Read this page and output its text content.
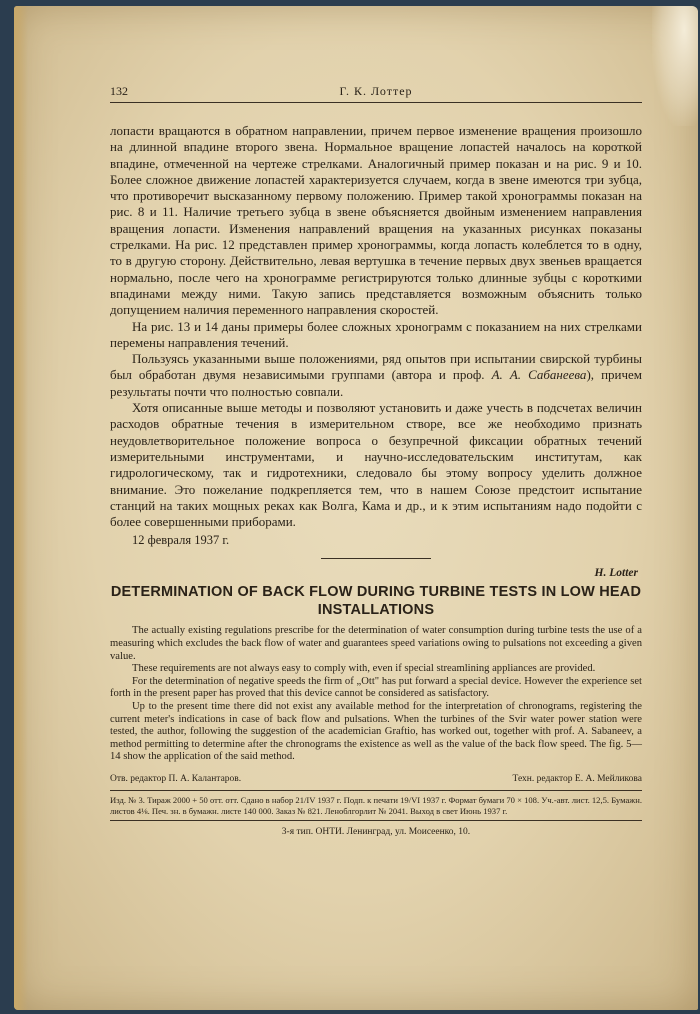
132	Г. К. Лоттер

лопасти вращаются в обратном направлении, причем первое изменение вращения произошло на длинной впадине второго звена. Нормальное вращение лопастей началось на короткой впадине, отмеченной на чертеже стрелками. Аналогичный пример показан и на рис. 9 и 10. Более сложное движение лопастей характеризуется случаем, когда в звене имеются три зубца, что противоречит высказанному первому положению. Пример такой хронограммы показан на рис. 8 и 11. Наличие третьего зубца в звене объясняется двойным изменением направления вращения лопасти. Изменения направлений вращения на указанных рисунках показаны стрелками. На рис. 12 представлен пример хронограммы, когда лопасть колеблется то в одну, то в другую сторону. Действительно, левая вертушка в течение первых двух звеньев вращается нормально, после чего на хронограмме регистрируются только длинные зубцы с короткими впадинами между ними. Такую запись представляется возможным объяснить только допущением наличия переменного направления скоростей.

На рис. 13 и 14 даны примеры более сложных хронограмм с показанием на них стрелками перемены направления течений.

Пользуясь указанными выше положениями, ряд опытов при испытании свирской турбины был обработан двумя независимыми группами (автора и проф. А. А. Сабанеева), причем результаты почти что полностью совпали.

Хотя описанные выше методы и позволяют установить и даже учесть в подсчетах величин расходов обратные течения в измерительном створе, все же необходимо признать неудовлетворительное положение вопроса о безупречной фиксации обратных течений измерительными инструментами, и научно-исследовательским институтам, как гидрологическому, так и гидротехники, следовало бы этому вопросу уделить должное внимание. Это пожелание подкрепляется тем, что в нашем Союзе предстоит испытание станций на таких мощных реках как Волга, Кама и др., и к этим испытаниям надо подойти с более совершенными приборами.

12 февраля 1937 г.
H. Lotter
DETERMINATION OF BACK FLOW DURING TURBINE TESTS IN LOW HEAD INSTALLATIONS

The actually existing regulations prescribe for the determination of water consumption during turbine tests the use of a measuring which excludes the back flow of water and guarantees speed variations owing to pulsations not exceeding a given value.

These requirements are not always easy to comply with, even if special streamlining appliances are provided.

For the determination of negative speeds the firm of „Ott" has put forward a special device. However the experience set forth in the present paper has proved that this device cannot be considered as satisfactory.

Up to the present time there did not exist any available method for the interpretation of chronograms, registering the current meter's indications in case of back flow and pulsations. When the turbines of the Svir water power station were tested, the author, following the suggestion of the academician Graftio, has worked out, together with prof. A. Sabaneev, a method permitting to determine after the chronograms the existence as well as the value of the back flow speed. The fig. 5—14 show the application of the said method.

Отв. редактор П. А. Калантаров.	Техн. редактор Е. А. Мейликова
Изд. № 3. Тираж 2000 + 50 отт. отт. Сдано в набор 21/IV 1937 г. Подп. к печати 19/VI 1937 г. Формат бумаги 70 × 108. Уч.-авт. лист. 12,5. Бумажн. листов 4⅛. Печ. зн. в бумажн. листе 140 000. Заказ № 821. Леноблгорлит № 2041. Выход в свет Июнь 1937 г.
3-я тип. ОНТИ. Ленинград, ул. Моисеенко, 10.
